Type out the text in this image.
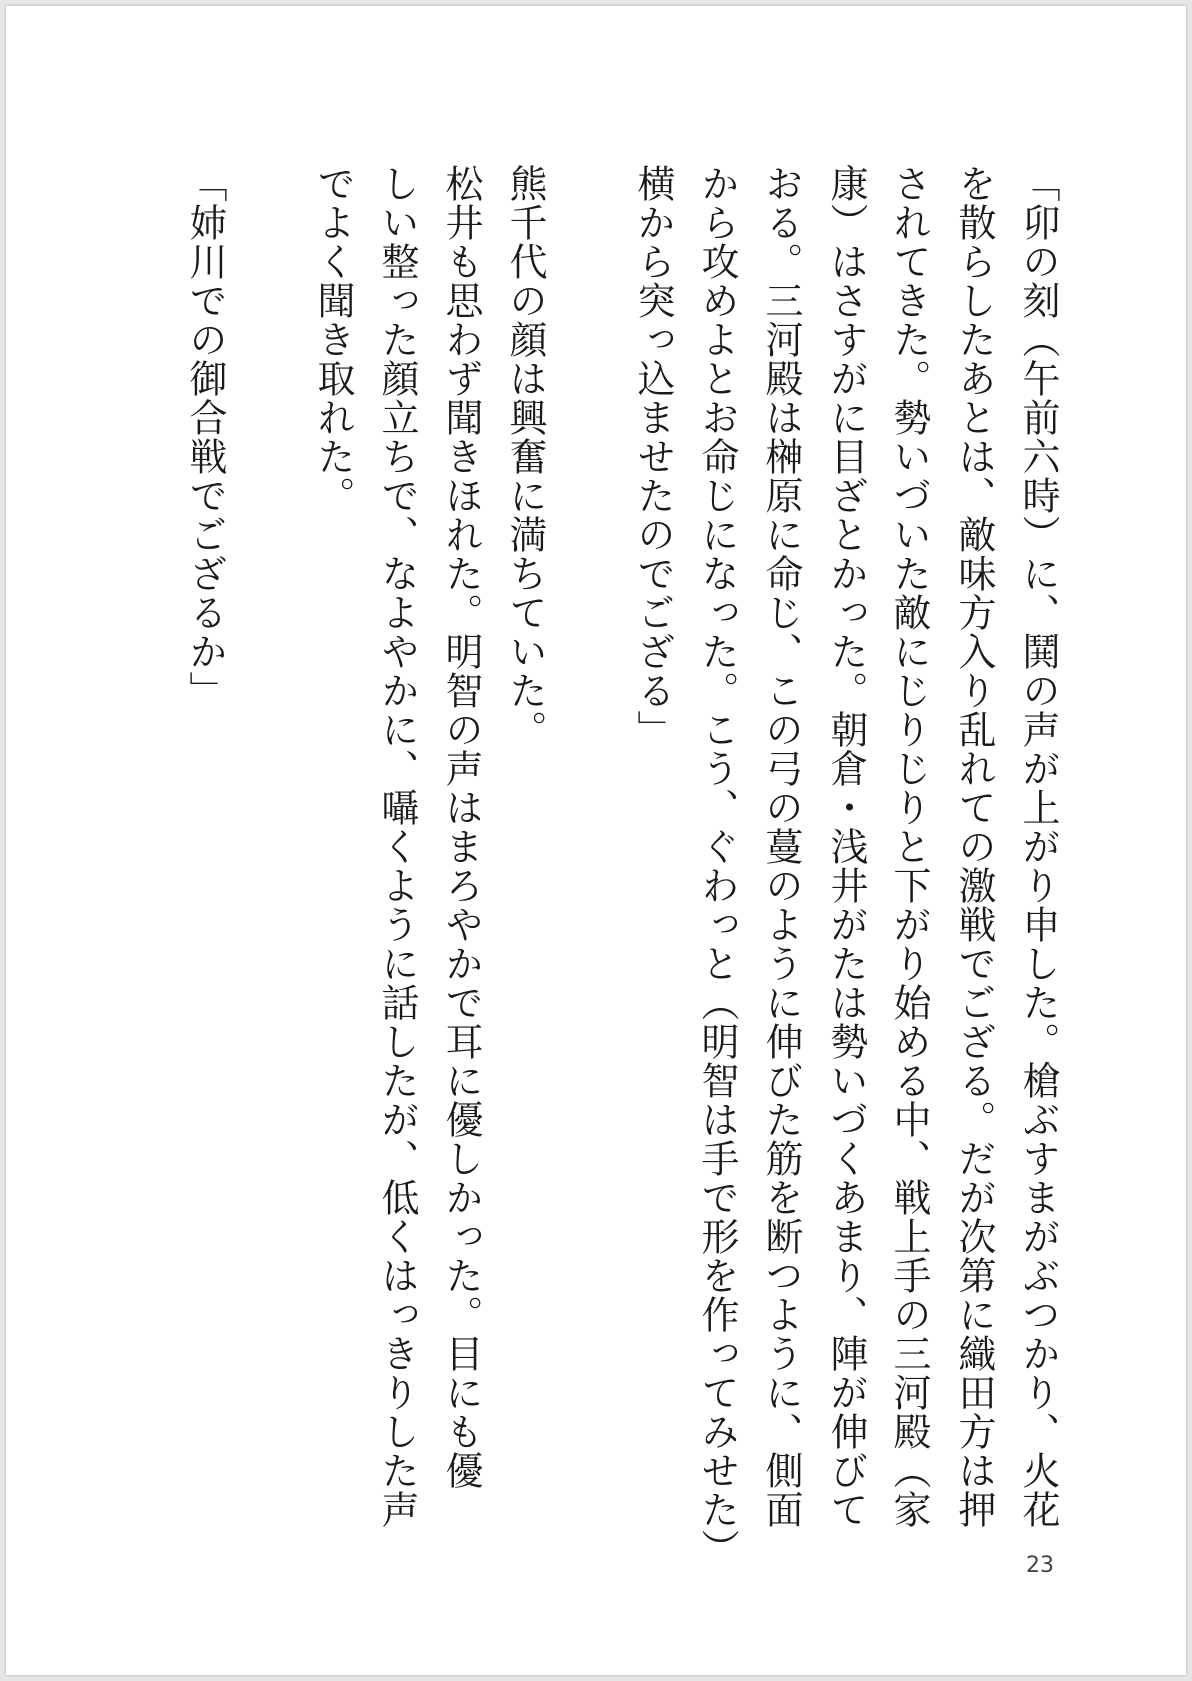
「卯の刻（午前六時）に、鬨の声が上がり申した。槍ぶすまがぶつかり、火花
を散らしたあとは、敵味方入り乱れての激戦でござる。だが次第に織田方は押
されてきた。勢いづいた敵にじりじりと下がり始める中、戦上手の三河殿（家
康）はさすがに目ざとかった。朝倉・浅井がたは勢いづくあまり、陣が伸びて
おる。三河殿は榊原に命じ、この弓の蔓のように伸びた筋を断つように、側面
から攻めよとお命じになった。こう、ぐわっと（明智は手で形を作ってみせた）
横から突っ込ませたのでござる」
熊千代の顔は興奮に満ちていた。
松井も思わず聞きほれた。明智の声はまろやかで耳に優しかった。目にも優
しい整った顔立ちで、なよやかに、囁くように話したが、低くはっきりした声
でよく聞き取れた。
「姉川での御合戦でござるか」
23
